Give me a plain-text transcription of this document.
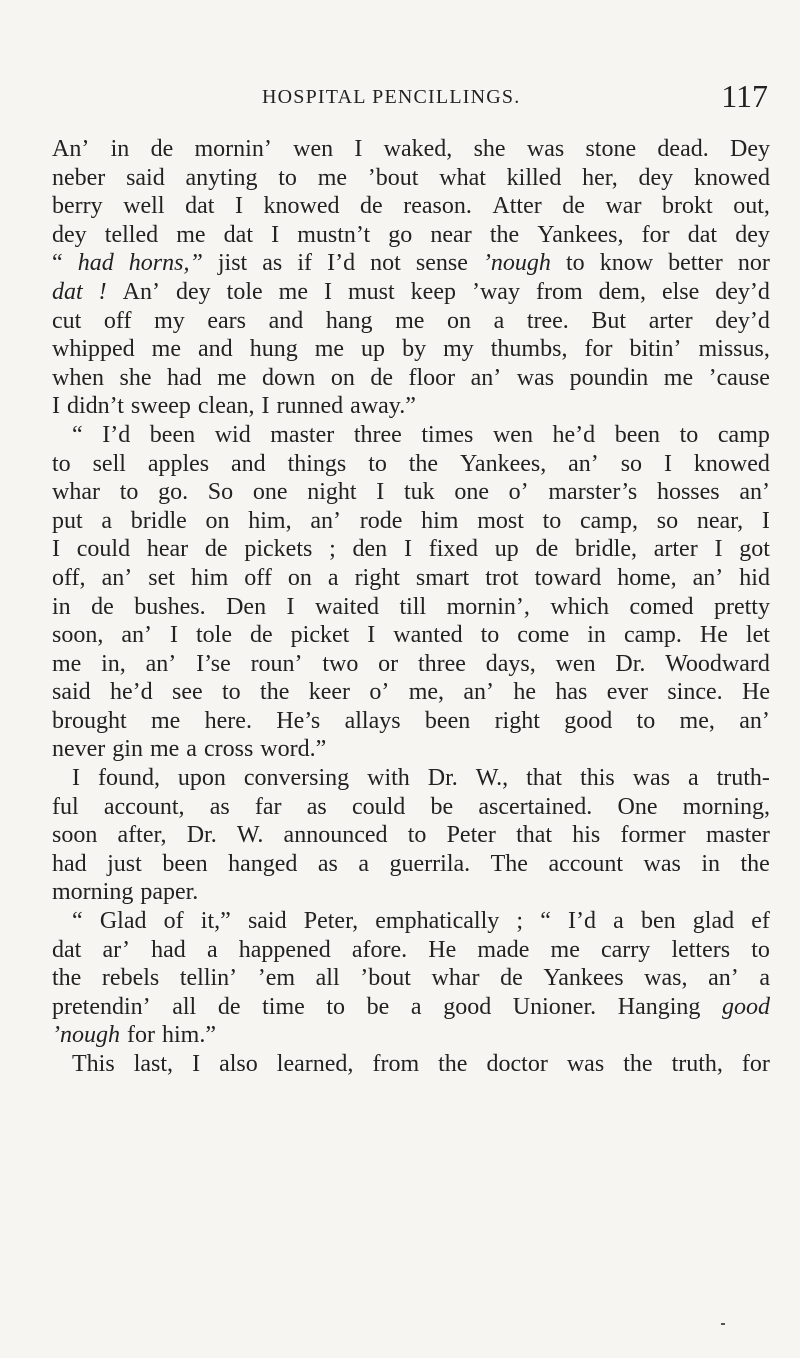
HOSPITAL PENCILLINGS.	117
An’ in de mornin’ wen I waked, she was stone dead. Dey
neber said anyting to me ’bout what killed her, dey knowed
berry well dat I knowed de reason. Atter de war brokt out,
dey telled me dat I mustn’t go near the Yankees, for dat dey
“ had horns,” jist as if I’d not sense ’nough to know better nor
dat ! An’ dey tole me I must keep ’way from dem, else dey’d
cut off my ears and hang me on a tree. But arter dey’d
whipped me and hung me up by my thumbs, for bitin’ missus,
when she had me down on de floor an’ was poundin me ’cause
I didn’t sweep clean, I runned away.”
“ I’d been wid master three times wen he’d been to camp
to sell apples and things to the Yankees, an’ so I knowed
whar to go. So one night I tuk one o’ marster’s hosses an’
put a bridle on him, an’ rode him most to camp, so near, I
I could hear de pickets ; den I fixed up de bridle, arter I got
off, an’ set him off on a right smart trot toward home, an’ hid
in de bushes. Den I waited till mornin’, which comed pretty
soon, an’ I tole de picket I wanted to come in camp. He let
me in, an’ I’se roun’ two or three days, wen Dr. Woodward
said he’d see to the keer o’ me, an’ he has ever since. He
brought me here. He’s allays been right good to me, an’
never gin me a cross word.”
I found, upon conversing with Dr. W., that this was a truth-
ful account, as far as could be ascertained. One morning,
soon after, Dr. W. announced to Peter that his former master
had just been hanged as a guerrila. The account was in the
morning paper.
“ Glad of it,” said Peter, emphatically ; “ I’d a ben glad ef
dat ar’ had a happened afore. He made me carry letters to
the rebels tellin’ ’em all ’bout whar de Yankees was, an’ a
pretendin’ all de time to be a good Unioner. Hanging good
’nough for him.”
This last, I also learned, from the doctor was the truth, for
